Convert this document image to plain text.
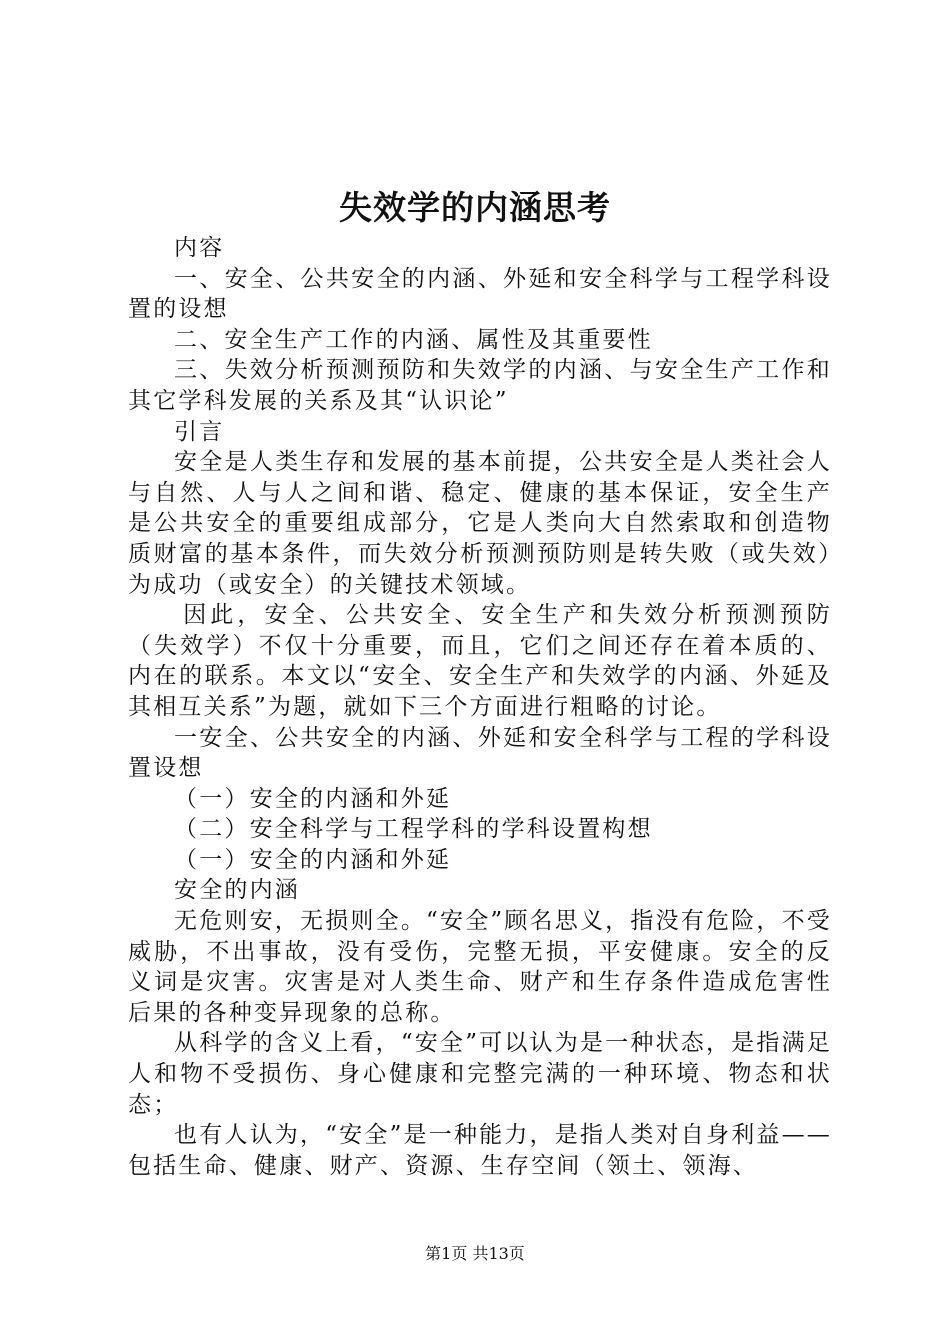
失效学的内涵思考

内容

一、安全、公共安全的内涵、外延和安全科学与工程学科设置的设想

二、安全生产工作的内涵、属性及其重要性

三、失效分析预测预防和失效学的内涵、与安全生产工作和其它学科发展的关系及其“认识论”

引言

安全是人类生存和发展的基本前提，公共安全是人类社会人与自然、人与人之间和谐、稳定、健康的基本保证，安全生产是公共安全的重要组成部分，它是人类向大自然索取和创造物质财富的基本条件，而失效分析预测预防则是转失败（或失效）为成功（或安全）的关键技术领域。

因此，安全、公共安全、安全生产和失效分析预测预防（失效学）不仅十分重要，而且，它们之间还存在着本质的、内在的联系。本文以“安全、安全生产和失效学的内涵、外延及其相互关系”为题，就如下三个方面进行粗略的讨论。

一安全、公共安全的内涵、外延和安全科学与工程的学科设置设想

（一）安全的内涵和外延

（二）安全科学与工程学科的学科设置构想

（一）安全的内涵和外延

安全的内涵

无危则安，无损则全。“安全”顾名思义，指没有危险，不受威胁，不出事故，没有受伤，完整无损，平安健康。安全的反义词是灾害。灾害是对人类生命、财产和生存条件造成危害性后果的各种变异现象的总称。

从科学的含义上看，“安全”可以认为是一种状态，是指满足人和物不受损伤、身心健康和完整完满的一种环境、物态和状态；

也有人认为，“安全”是一种能力，是指人类对自身利益——包括生命、健康、财产、资源、生存空间（领土、领海、

第1页 共13页
